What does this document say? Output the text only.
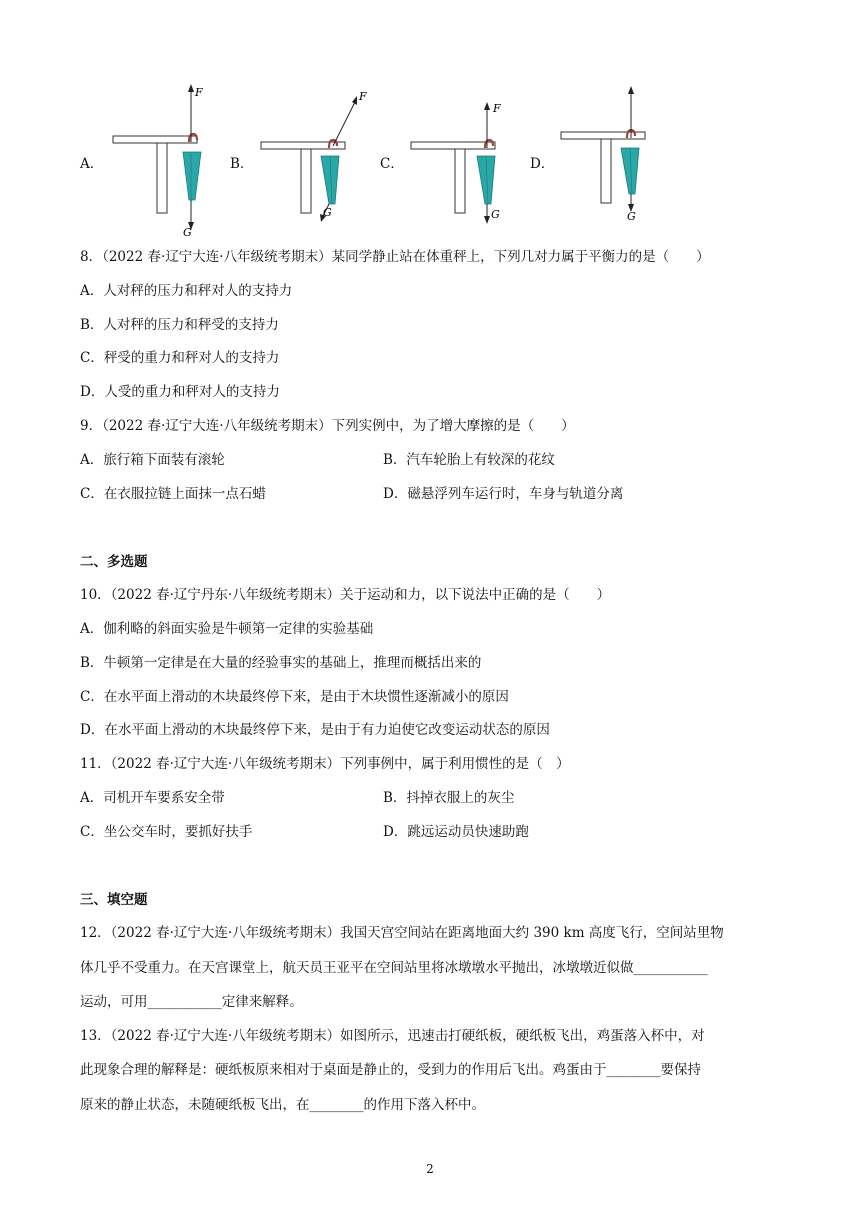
A．
F
G
B．
F
G
C．
F
G
D．
G
8．（2022 春·辽宁大连·八年级统考期末）某同学静止站在体重秤上，下列几对力属于平衡力的是（　　）
A．人对秤的压力和秤对人的支持力
B．人对秤的压力和秤受的支持力
C．秤受的重力和秤对人的支持力
D．人受的重力和秤对人的支持力
9．（2022 春·辽宁大连·八年级统考期末）下列实例中，为了增大摩擦的是（　　）
A．旅行箱下面装有滚轮	B．汽车轮胎上有较深的花纹
C．在衣服拉链上面抹一点石蜡	D．磁悬浮列车运行时，车身与轨道分离
二、多选题
10．（2022 春·辽宁丹东·八年级统考期末）关于运动和力，以下说法中正确的是（　　）
A．伽利略的斜面实验是牛顿第一定律的实验基础
B．牛顿第一定律是在大量的经验事实的基础上，推理而概括出来的
C．在水平面上滑动的木块最终停下来，是由于木块惯性逐渐减小的原因
D．在水平面上滑动的木块最终停下来，是由于有力迫使它改变运动状态的原因
11．（2022 春·辽宁大连·八年级统考期末）下列事例中，属于利用惯性的是（　）
A．司机开车要系安全带	B．抖掉衣服上的灰尘
C．坐公交车时，要抓好扶手	D．跳远运动员快速助跑
三、填空题
12．（2022 春·辽宁大连·八年级统考期末）我国天宫空间站在距离地面大约 390 km 高度飞行，空间站里物
体几乎不受重力。在天宫课堂上，航天员王亚平在空间站里将冰墩墩水平抛出，冰墩墩近似做___________
运动，可用___________定律来解释。
13．（2022 春·辽宁大连·八年级统考期末）如图所示，迅速击打硬纸板，硬纸板飞出，鸡蛋落入杯中，对
此现象合理的解释是：硬纸板原来相对于桌面是静止的，受到力的作用后飞出。鸡蛋由于________要保持
原来的静止状态，未随硬纸板飞出，在________的作用下落入杯中。
2
